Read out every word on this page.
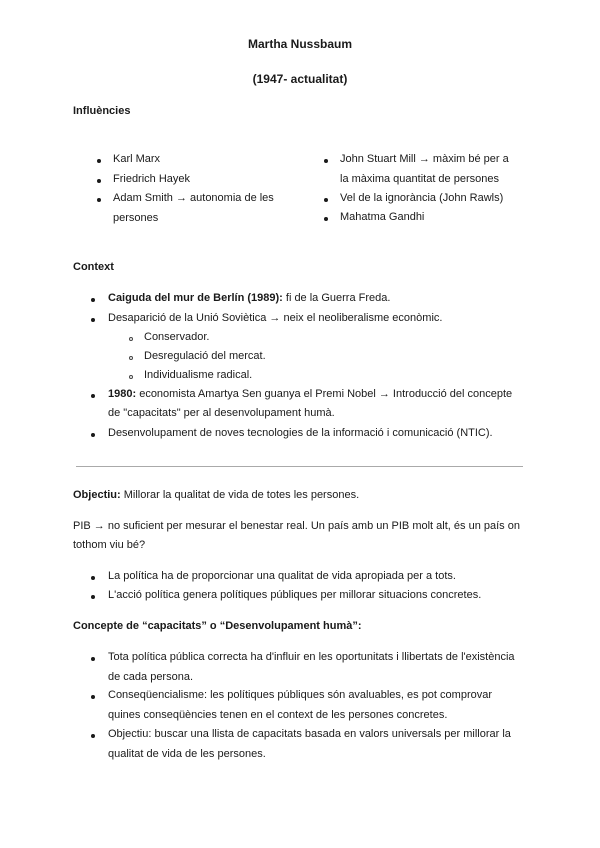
Martha Nussbaum
(1947- actualitat)
Influències
Karl Marx
Friedrich Hayek
Adam Smith → autonomia de les
persones
John Stuart Mill → màxim bé per a
la màxima quantitat de persones
Vel de la ignorància (John Rawls)
Mahatma Gandhi
Context
Caiguda del mur de Berlín (1989): fi de la Guerra Freda.
Desaparició de la Unió Soviètica → neix el neoliberalisme econòmic.
Conservador.
Desregulació del mercat.
Individualisme radical.
1980: economista Amartya Sen guanya el Premi Nobel → Introducció del concepte
de "capacitats" per al desenvolupament humà.
Desenvolupament de noves tecnologies de la informació i comunicació (NTIC).
Objectiu: Millorar la qualitat de vida de totes les persones.
PIB → no suficient per mesurar el benestar real. Un país amb un PIB molt alt, és un país on
tothom viu bé?
La política ha de proporcionar una qualitat de vida apropiada per a tots.
L'acció política genera polítiques públiques per millorar situacions concretes.
Concepte de “capacitats” o “Desenvolupament humà”:
Tota política pública correcta ha d'influir en les oportunitats i llibertats de l'existència
de cada persona.
Conseqüencialisme: les polítiques públiques són avaluables, es pot comprovar
quines conseqüències tenen en el context de les persones concretes.
Objectiu: buscar una llista de capacitats basada en valors universals per millorar la
qualitat de vida de les persones.
